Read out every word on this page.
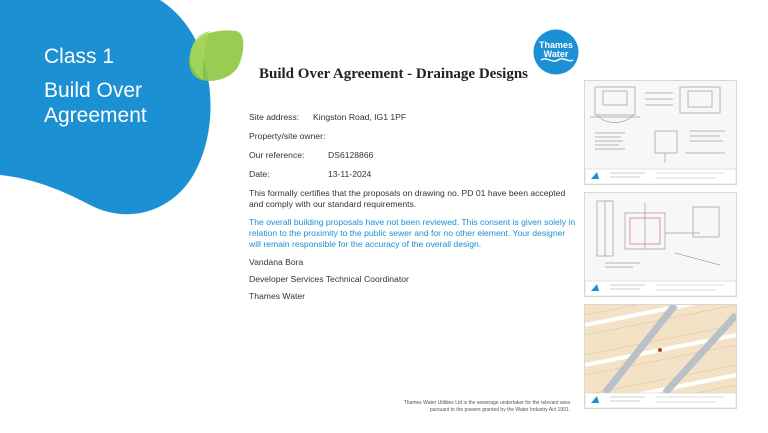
Class 1
Build Over
Agreement
Thames
Water
Build Over Agreement - Drainage Designs
Site address: Kingston Road, IG1 1PF
Property/site owner:
Our reference:	DS6128866
Date:	13-11-2024
This formally certifies that the proposals on drawing no. PD 01 have been accepted and comply with our standard requirements.
The overall building proposals have not been reviewed. This consent is given solely in relation to the proximity to the public sewer and for no other element. Your designer will remain responsible for the accuracy of the overall design.
Vandana Bora
Developer Services Technical Coordinator
Thames Water
Thames Water Utilities Ltd is the sewerage undertaker for the relevant area pursuant to the powers granted by the Water Industry Act 1991.
